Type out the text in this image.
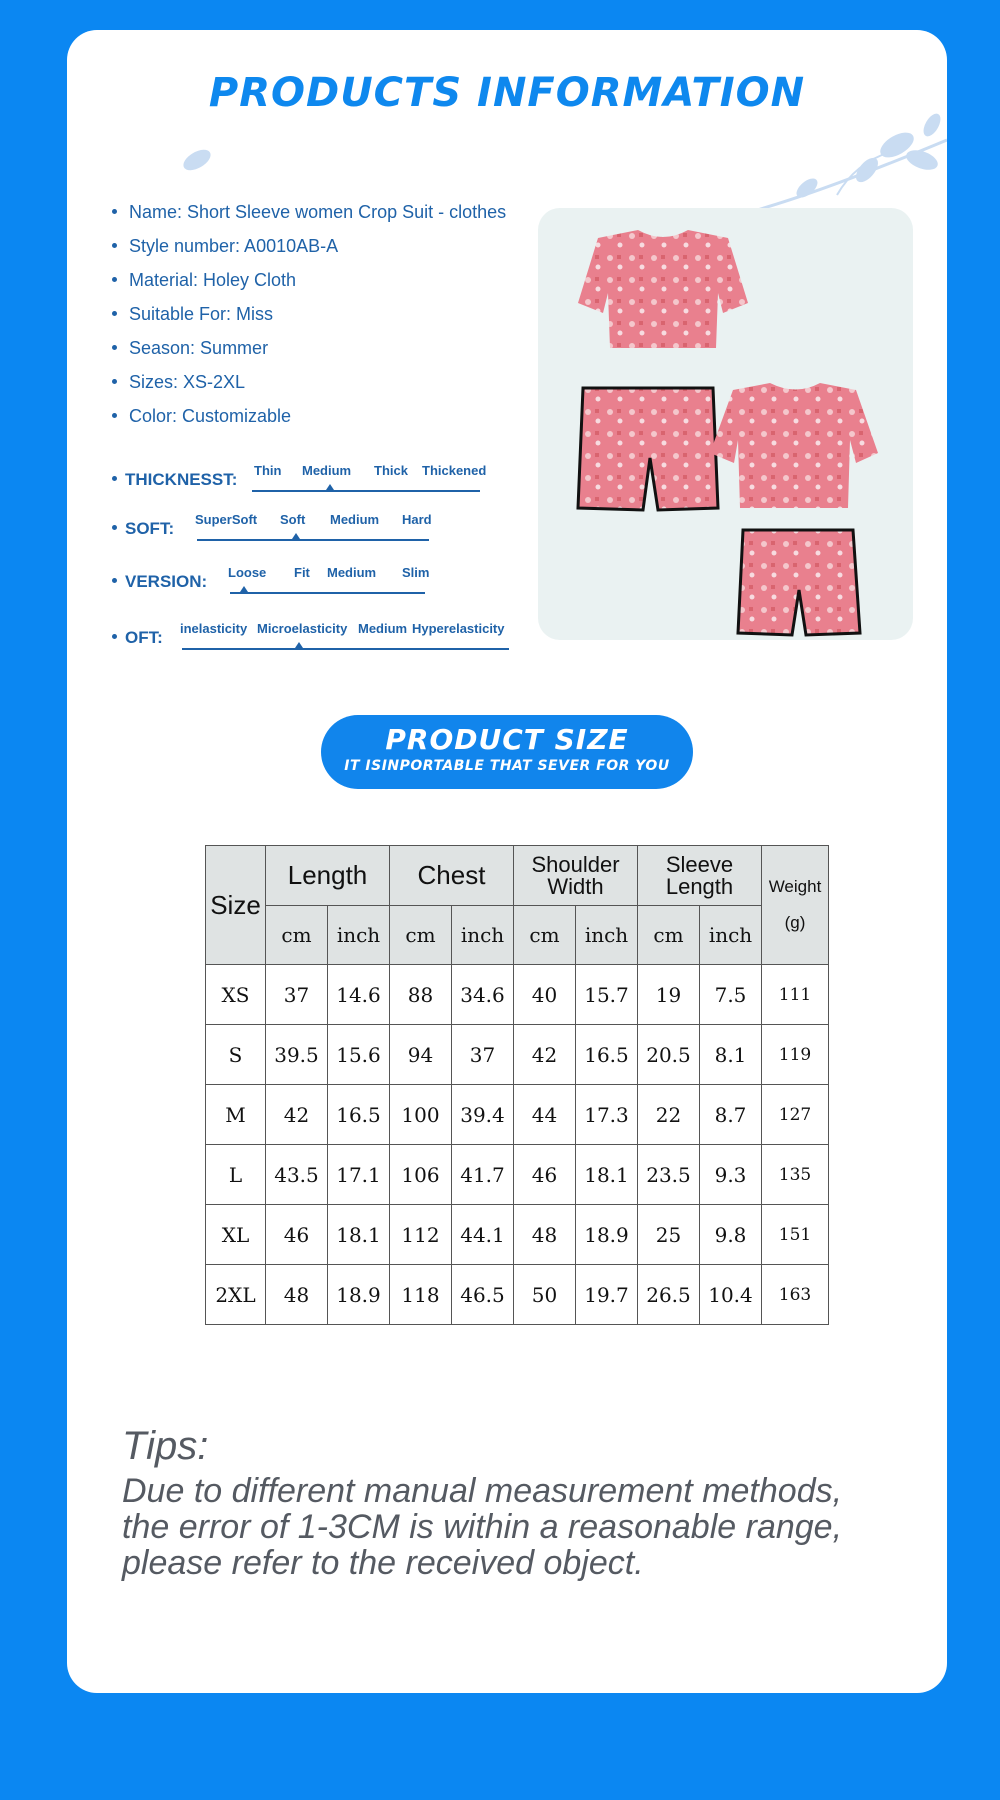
PRODUCTS INFORMATION
Name: Short Sleeve women Crop Suit - clothes
Style number: A0010AB-A
Material: Holey Cloth
Suitable For: Miss
Season: Summer
Sizes: XS-2XL
Color: Customizable
THICKNESST: Thin Medium Thick Thickened
SOFT: SuperSoft Soft Medium Hard
VERSION: Loose Fit Medium Slim
OFT: inelasticity Microelasticity Medium Hyperelasticity
PRODUCT SIZE
IT ISINPORTABLE THAT SEVER FOR YOU
Size	Length		Chest		Shoulder Width		Sleeve Length		Weight (g)
	cm	inch	cm	inch	cm	inch	cm	inch	
XS	37	14.6	88	34.6	40	15.7	19	7.5	111
S	39.5	15.6	94	37	42	16.5	20.5	8.1	119
M	42	16.5	100	39.4	44	17.3	22	8.7	127
L	43.5	17.1	106	41.7	46	18.1	23.5	9.3	135
XL	46	18.1	112	44.1	48	18.9	25	9.8	151
2XL	48	18.9	118	46.5	50	19.7	26.5	10.4	163
Tips:
Due to different manual measurement methods,
the error of 1-3CM is within a reasonable range,
please refer to the received object.
